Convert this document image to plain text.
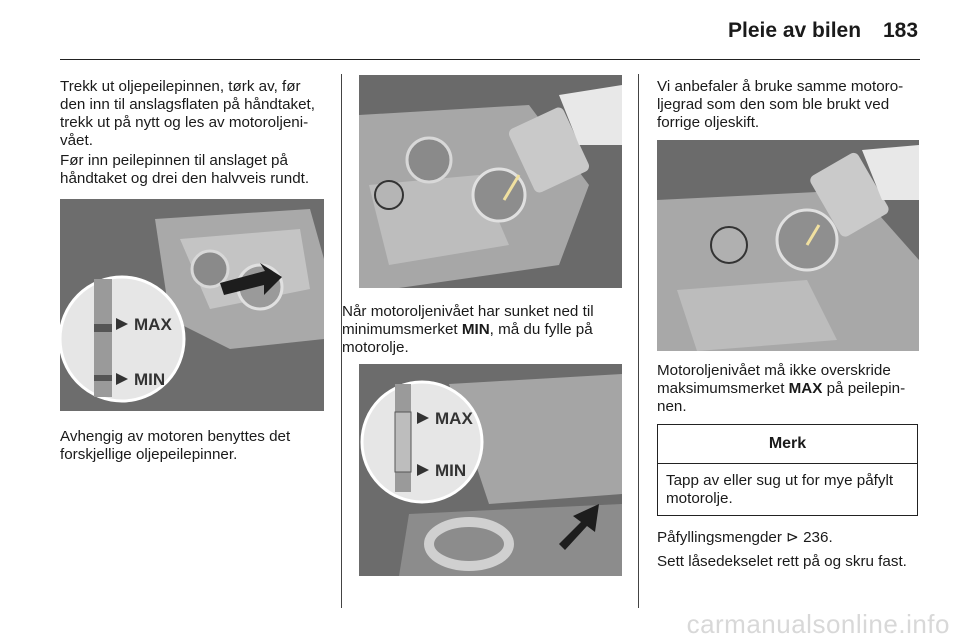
Pleie av bilen 183
Trekk ut oljepeilepinnen, tørk av, før
den inn til anslagsflaten på håndtaket,
trekk ut på nytt og les av motoroljeni-
vået.
Før inn peilepinnen til anslaget på
håndtaket og drei den halvveis rundt.
MAX
MIN
Avhengig av motoren benyttes det
forskjellige oljepeilepinner.
Når motoroljenivået har sunket ned til
minimumsmerket MIN, må du fylle på
motorolje.
MAX
MIN
Vi anbefaler å bruke samme motoro-
ljegrad som den som ble brukt ved
forrige oljeskift.
Motoroljenivået må ikke overskride
maksimumsmerket MAX på peilepin-
nen.
Merk
Tapp av eller sug ut for mye påfylt
motorolje.
Påfyllingsmengder ⊳ 236.
Sett låsedekselet rett på og skru fast.
carmanualsonline.info
